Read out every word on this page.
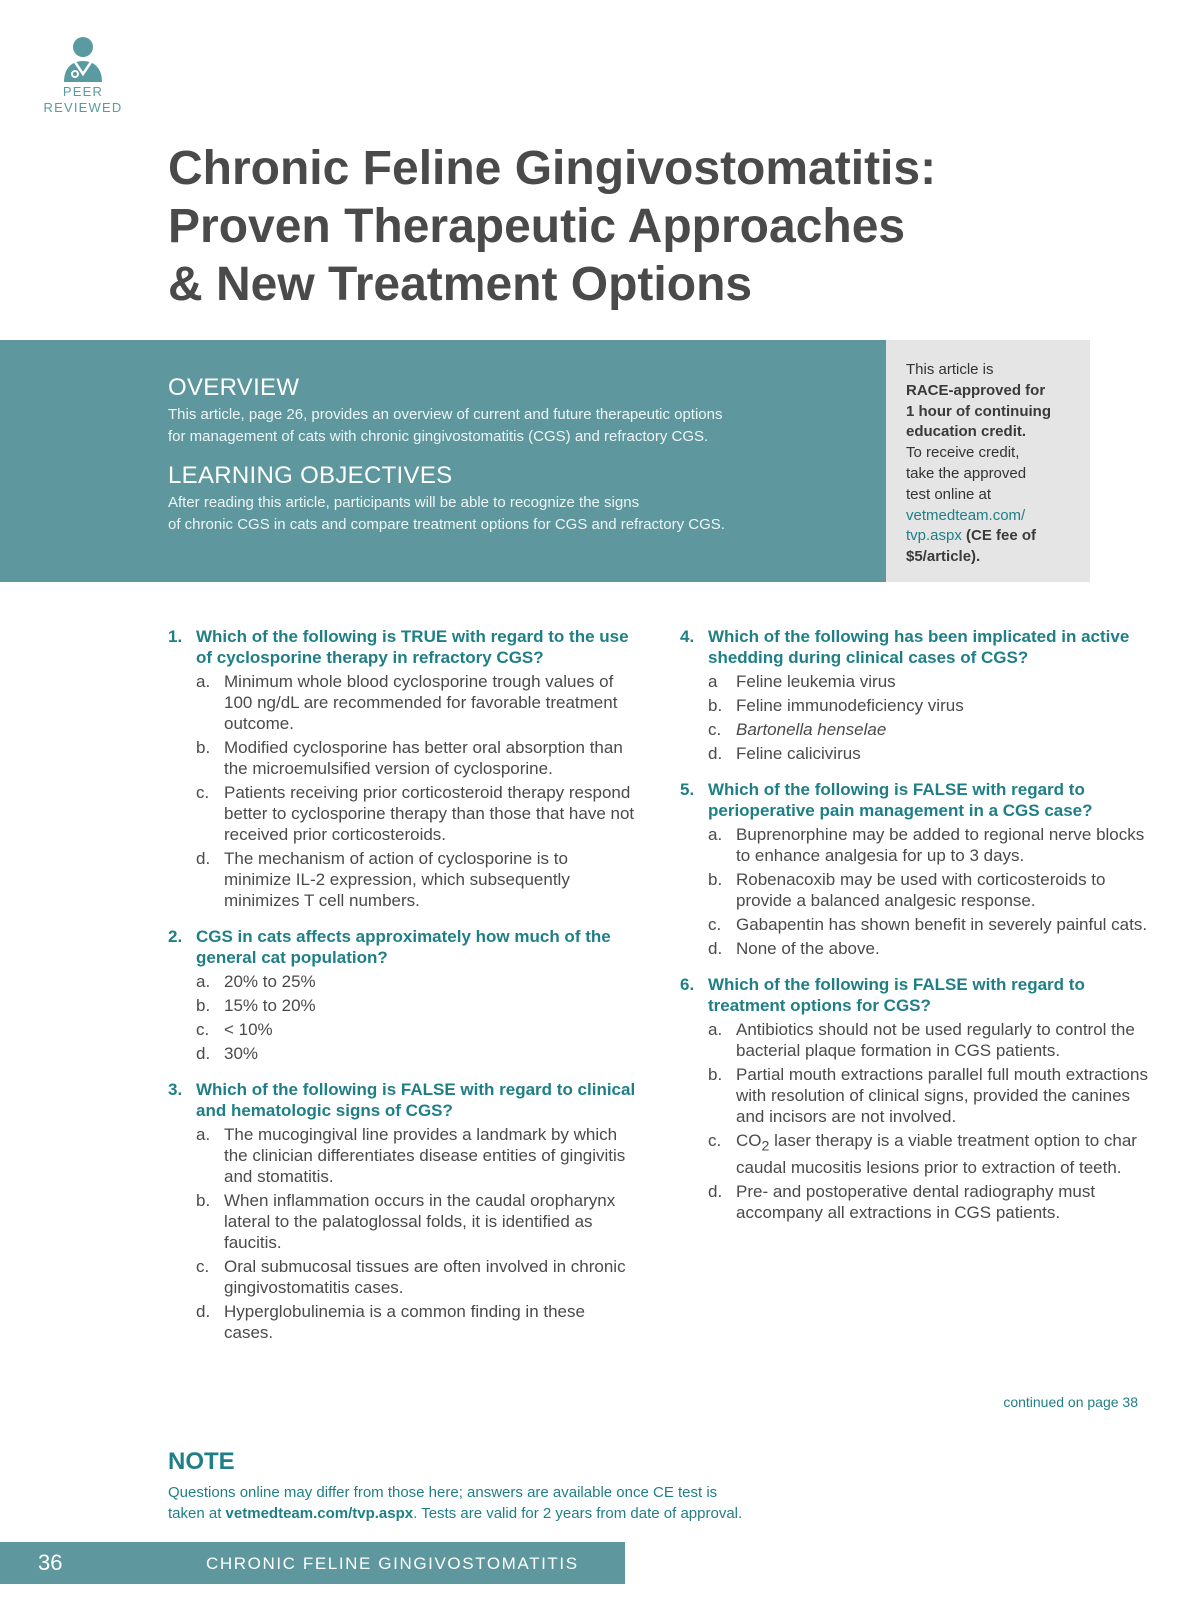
PEER
REVIEWED
Chronic Feline Gingivostomatitis:
Proven Therapeutic Approaches
& New Treatment Options
OVERVIEW

This article, page 26, provides an overview of current and future therapeutic options

for management of cats with chronic gingivostomatitis (CGS) and refractory CGS.

LEARNING OBJECTIVES

After reading this article, participants will be able to recognize the signs

of chronic CGS in cats and compare treatment options for CGS and refractory CGS.

This article is
RACE-approved for
1 hour of continuing
education credit.
To receive credit,
take the approved
test online at
vetmedteam.com/
tvp.aspx (CE fee of
$5/article).
1. Which of the following is TRUE with regard to the use of cyclosporine therapy in refractory CGS?
a. Minimum whole blood cyclosporine trough values of 100 ng/dL are recommended for favorable treatment outcome.
b. Modified cyclosporine has better oral absorption than the microemulsified version of cyclosporine.
c. Patients receiving prior corticosteroid therapy respond better to cyclosporine therapy than those that have not received prior corticosteroids.
d. The mechanism of action of cyclosporine is to minimize IL-2 expression, which subsequently minimizes T cell numbers.
2. CGS in cats affects approximately how much of the general cat population?
a. 20% to 25%
b. 15% to 20%
c. < 10%
d. 30%
3. Which of the following is FALSE with regard to clinical and hematologic signs of CGS?
a. The mucogingival line provides a landmark by which the clinician differentiates disease entities of gingivitis and stomatitis.
b. When inflammation occurs in the caudal oropharynx lateral to the palatoglossal folds, it is identified as faucitis.
c. Oral submucosal tissues are often involved in chronic gingivostomatitis cases.
d. Hyperglobulinemia is a common finding in these cases.
4. Which of the following has been implicated in active shedding during clinical cases of CGS?
a Feline leukemia virus
b. Feline immunodeficiency virus
c. Bartonella henselae
d. Feline calicivirus
5. Which of the following is FALSE with regard to perioperative pain management in a CGS case?
a. Buprenorphine may be added to regional nerve blocks to enhance analgesia for up to 3 days.
b. Robenacoxib may be used with corticosteroids to provide a balanced analgesic response.
c. Gabapentin has shown benefit in severely painful cats.
d. None of the above.
6. Which of the following is FALSE with regard to treatment options for CGS?
a. Antibiotics should not be used regularly to control the bacterial plaque formation in CGS patients.
b. Partial mouth extractions parallel full mouth extractions with resolution of clinical signs, provided the canines and incisors are not involved.
c. $CO_2$ laser therapy is a viable treatment option to char caudal mucositis lesions prior to extraction of teeth.
d. Pre- and postoperative dental radiography must accompany all extractions in CGS patients.
continued on page 38
NOTE
Questions online may differ from those here; answers are available once CE test is
taken at vetmedteam.com/tvp.aspx. Tests are valid for 2 years from date of approval.
36	CHRONIC FELINE GINGIVOSTOMATITIS
